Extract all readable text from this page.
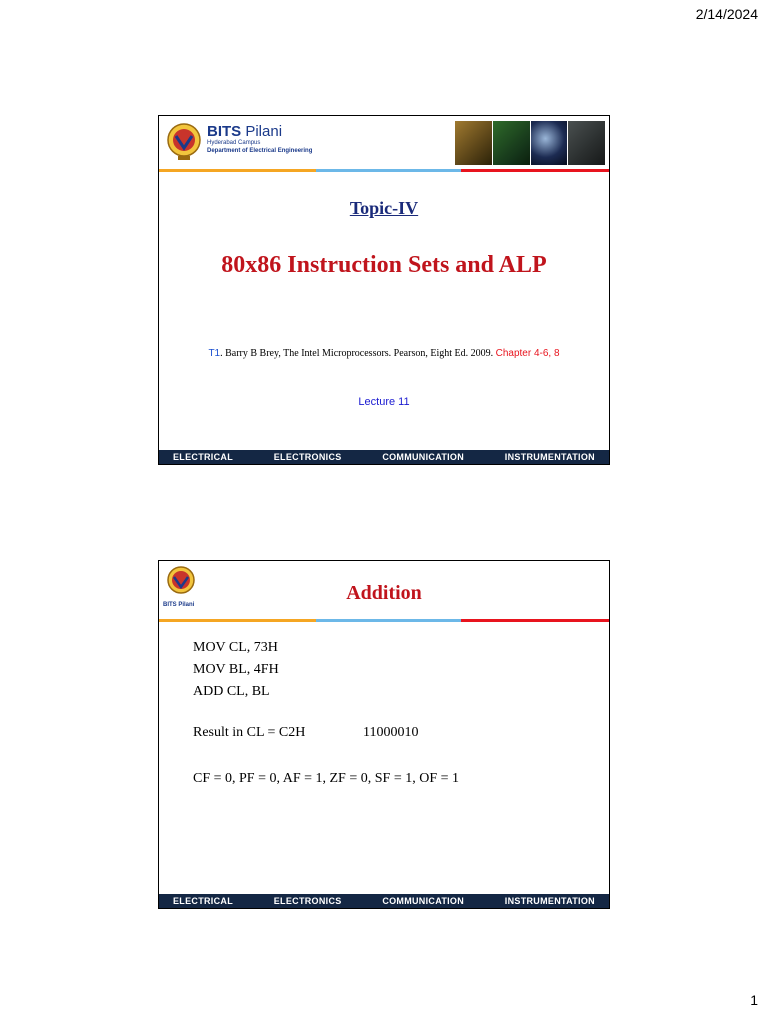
2/14/2024
BITS Pilani
Hyderabad Campus
Department of Electrical Engineering
Topic-IV
80x86 Instruction Sets and ALP
T1. Barry B Brey, The Intel Microprocessors. Pearson, Eight Ed. 2009. Chapter 4-6, 8
Lecture 11
ELECTRICAL	ELECTRONICS	COMMUNICATION	INSTRUMENTATION
BITS Pilani
Addition
MOV CL, 73H
MOV BL, 4FH
ADD CL, BL
Result in CL = C2H	11000010
CF = 0, PF = 0, AF = 1, ZF = 0, SF = 1, OF = 1
ELECTRICAL	ELECTRONICS	COMMUNICATION	INSTRUMENTATION
1
